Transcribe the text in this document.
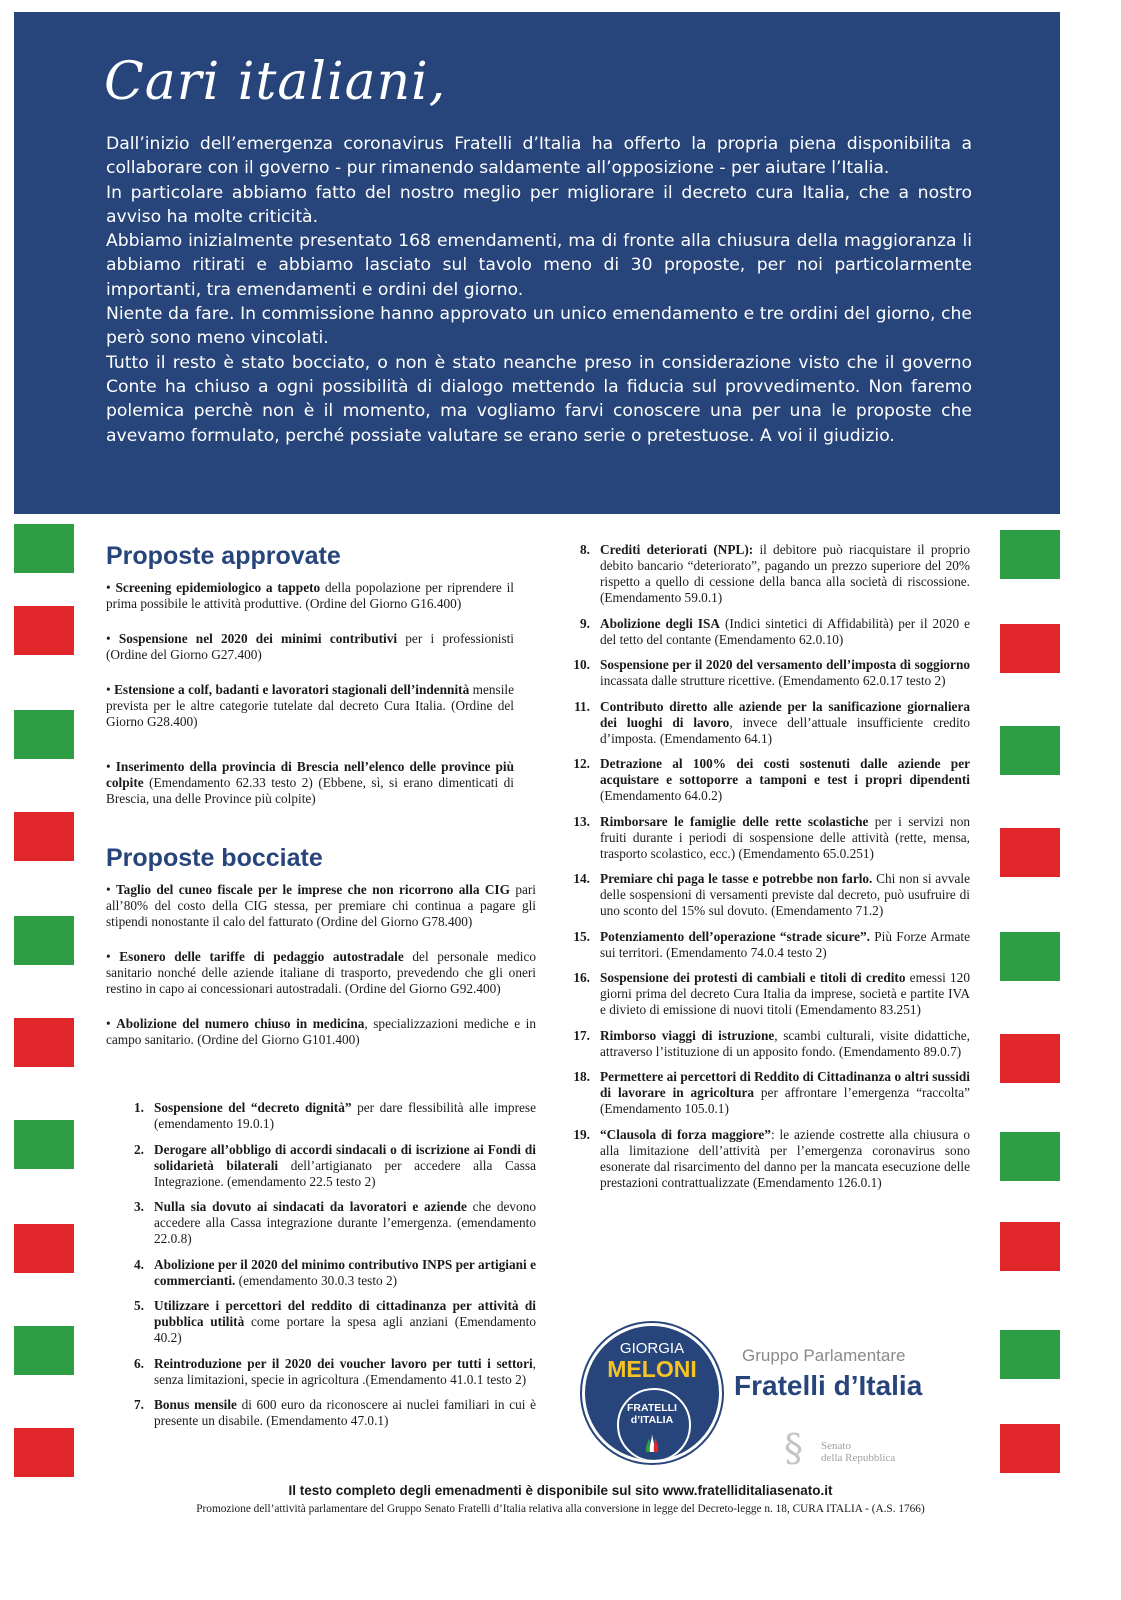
Cari italiani,

Dall’inizio dell’emergenza coronavirus Fratelli d’Italia ha offerto la propria piena disponibilita a collaborare con il governo - pur rimanendo saldamente all’opposizione - per aiutare l’Italia.

In particolare abbiamo fatto del nostro meglio per migliorare il decreto cura Italia, che a nostro avviso ha molte criticità.

Abbiamo inizialmente presentato 168 emendamenti, ma di fronte alla chiusura della maggioranza li abbiamo ritirati e abbiamo lasciato sul tavolo meno di 30 proposte, per noi particolarmente importanti, tra emendamenti e ordini del giorno.

Niente da fare. In commissione hanno approvato un unico emendamento e tre ordini del giorno, che però sono meno vincolati.

Tutto il resto è stato bocciato, o non è stato neanche preso in considerazione visto che il governo Conte ha chiuso a ogni possibilità di dialogo mettendo la fiducia sul provvedimento. Non faremo polemica perchè non è il momento, ma vogliamo farvi conoscere una per una le proposte che avevamo formulato, perché possiate valutare se erano serie o pretestuose. A voi il giudizio.

Proposte approvate

• Screening epidemiologico a tappeto della popolazione per riprendere il prima possibile le attività produttive. (Ordine del Giorno G16.400)

• Sospensione nel 2020 dei minimi contributivi per i professionisti (Ordine del Giorno G27.400)

• Estensione a colf, badanti e lavoratori stagionali dell’indennità mensile prevista per le altre categorie tutelate dal decreto Cura Italia. (Ordine del Giorno G28.400)

• Inserimento della provincia di Brescia nell’elenco delle province più colpite (Emendamento 62.33 testo 2) (Ebbene, sì, si erano dimenticati di Brescia, una delle Province più colpite)

Proposte bocciate

• Taglio del cuneo fiscale per le imprese che non ricorrono alla CIG pari all’80% del costo della CIG stessa, per premiare chi continua a pagare gli stipendi nonostante il calo del fatturato (Ordine del Giorno G78.400)

• Esonero delle tariffe di pedaggio autostradale del personale medico sanitario nonché delle aziende italiane di trasporto, prevedendo che gli oneri restino in capo ai concessionari autostradali. (Ordine del Giorno G92.400)

• Abolizione del numero chiuso in medicina, specializzazioni mediche e in campo sanitario. (Ordine del Giorno G101.400)

1. Sospensione del “decreto dignità” per dare flessibilità alle imprese (emendamento 19.0.1)
2. Derogare all’obbligo di accordi sindacali o di iscrizione ai Fondi di solidarietà bilaterali dell’artigianato per accedere alla Cassa Integrazione. (emendamento 22.5 testo 2)
3. Nulla sia dovuto ai sindacati da lavoratori e aziende che devono accedere alla Cassa integrazione durante l’emergenza. (emendamento 22.0.8)
4. Abolizione per il 2020 del minimo contributivo INPS per artigiani e commercianti. (emendamento 30.0.3 testo 2)
5. Utilizzare i percettori del reddito di cittadinanza per attività di pubblica utilità come portare la spesa agli anziani (Emendamento 40.2)
6. Reintroduzione per il 2020 dei voucher lavoro per tutti i settori, senza limitazioni, specie in agricoltura .(Emendamento 41.0.1 testo 2)
7. Bonus mensile di 600 euro da riconoscere ai nuclei familiari in cui è presente un disabile. (Emendamento 47.0.1)
8. Crediti deteriorati (NPL): il debitore può riacquistare il proprio debito bancario “deteriorato”, pagando un prezzo superiore del 20% rispetto a quello di cessione della banca alla società di riscossione. (Emendamento 59.0.1)
9. Abolizione degli ISA (Indici sintetici di Affidabilità) per il 2020 e del tetto del contante (Emendamento 62.0.10)
10. Sospensione per il 2020 del versamento dell’imposta di soggiorno incassata dalle strutture ricettive. (Emendamento 62.0.17 testo 2)
11. Contributo diretto alle aziende per la sanificazione giornaliera dei luoghi di lavoro, invece dell’attuale insufficiente credito d’imposta. (Emendamento 64.1)
12. Detrazione al 100% dei costi sostenuti dalle aziende per acquistare e sottoporre a tamponi e test i propri dipendenti (Emendamento 64.0.2)
13. Rimborsare le famiglie delle rette scolastiche per i servizi non fruiti durante i periodi di sospensione delle attività (rette, mensa, trasporto scolastico, ecc.) (Emendamento 65.0.251)
14. Premiare chi paga le tasse e potrebbe non farlo. Chi non si avvale delle sospensioni di versamenti previste dal decreto, può usufruire di uno sconto del 15% sul dovuto. (Emendamento 71.2)
15. Potenziamento dell’operazione “strade sicure”. Più Forze Armate sui territori. (Emendamento 74.0.4 testo 2)
16. Sospensione dei protesti di cambiali e titoli di credito emessi 120 giorni prima del decreto Cura Italia da imprese, società e partite IVA e divieto di emissione di nuovi titoli (Emendamento 83.251)
17. Rimborso viaggi di istruzione, scambi culturali, visite didattiche, attraverso l’istituzione di un apposito fondo. (Emendamento 89.0.7)
18. Permettere ai percettori di Reddito di Cittadinanza o altri sussidi di lavorare in agricoltura per affrontare l’emergenza “raccolta” (Emendamento 105.0.1)
19. “Clausola di forza maggiore”: le aziende costrette alla chiusura o alla limitazione dell’attività per l’emergenza coronavirus sono esonerate dal risarcimento del danno per la mancata esecuzione delle prestazioni contrattualizzate (Emendamento 126.0.1)
GIORGIA
MELONI
FRATELLI
d’ITALIA
Gruppo Parlamentare
Fratelli d’Italia
§ Senato
della Repubblica
Il testo completo degli emenadmenti è disponibile sul sito www.fratelliditaliasenato.it
Promozione dell’attività parlamentare del Gruppo Senato Fratelli d’Italia relativa alla conversione in legge del Decreto-legge n. 18, CURA ITALIA - (A.S. 1766)
